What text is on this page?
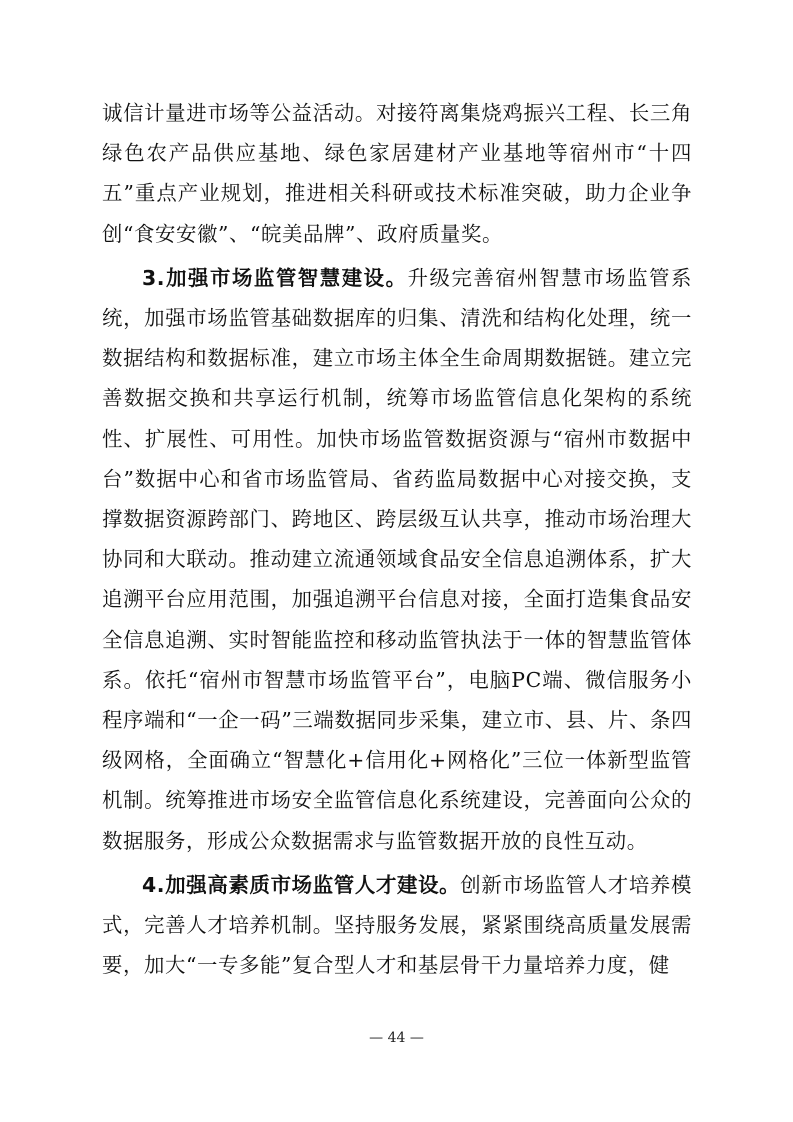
诚信计量进市场等公益活动。对接符离集烧鸡振兴工程、长三角绿色农产品供应基地、绿色家居建材产业基地等宿州市“十四五”重点产业规划，推进相关科研或技术标准突破，助力企业争创“食安安徽”、“皖美品牌”、政府质量奖。

3.加强市场监管智慧建设。升级完善宿州智慧市场监管系统，加强市场监管基础数据库的归集、清洗和结构化处理，统一数据结构和数据标准，建立市场主体全生命周期数据链。建立完善数据交换和共享运行机制，统筹市场监管信息化架构的系统性、扩展性、可用性。加快市场监管数据资源与“宿州市数据中台”数据中心和省市场监管局、省药监局数据中心对接交换，支撑数据资源跨部门、跨地区、跨层级互认共享，推动市场治理大协同和大联动。推动建立流通领域食品安全信息追溯体系，扩大追溯平台应用范围，加强追溯平台信息对接，全面打造集食品安全信息追溯、实时智能监控和移动监管执法于一体的智慧监管体系。依托“宿州市智慧市场监管平台”，电脑PC端、微信服务小程序端和“一企一码”三端数据同步采集，建立市、县、片、条四级网格，全面确立“智慧化+信用化+网格化”三位一体新型监管机制。统筹推进市场安全监管信息化系统建设，完善面向公众的数据服务，形成公众数据需求与监管数据开放的良性互动。

4.加强高素质市场监管人才建设。创新市场监管人才培养模式，完善人才培养机制。坚持服务发展，紧紧围绕高质量发展需要，加大“一专多能”复合型人才和基层骨干力量培养力度，健

— 44 —
